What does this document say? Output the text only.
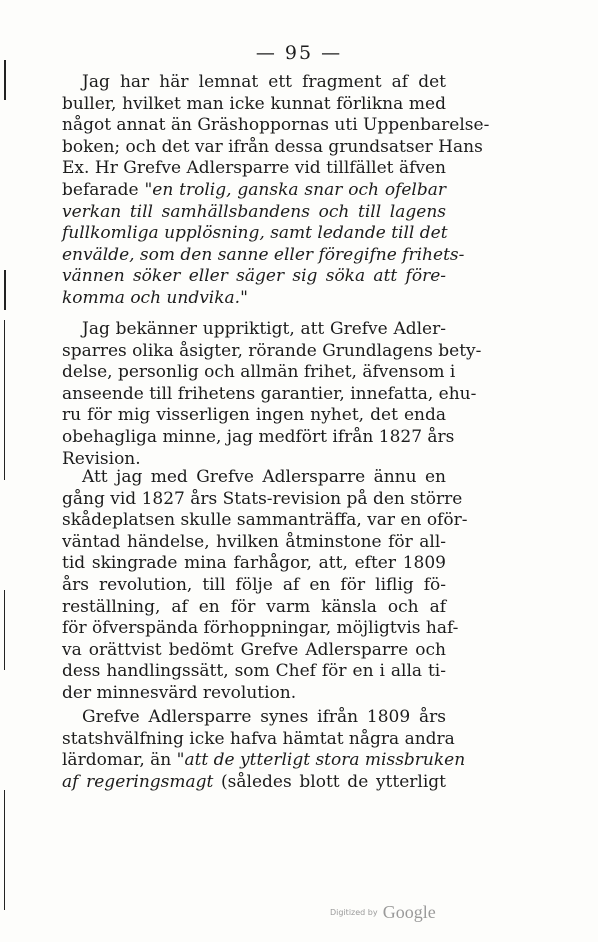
— 95 —
Jag har här lemnat ett fragment af det
buller, hvilket man icke kunnat förlikna med
något annat än Gräshoppornas uti Uppenbarelse-
boken; och det var ifrån dessa grundsatser Hans
Ex. Hr Grefve Adlersparre vid tillfället äfven
befarade "en trolig, ganska snar och ofelbar
verkan till samhällsbandens och till lagens
fullkomliga upplösning, samt ledande till det
envälde, som den sanne eller föregifne frihets-
vännen söker eller säger sig söka att före-
komma och undvika."
Jag bekänner uppriktigt, att Grefve Adler-
sparres olika åsigter, rörande Grundlagens bety-
delse, personlig och allmän frihet, äfvensom i
anseende till frihetens garantier, innefatta, ehu-
ru för mig visserligen ingen nyhet, det enda
obehagliga minne, jag medfört ifrån 1827 års
Revision.
Att jag med Grefve Adlersparre ännu en
gång vid 1827 års Stats-revision på den större
skådeplatsen skulle sammanträffa, var en oför-
väntad händelse, hvilken åtminstone för all-
tid skingrade mina farhågor, att, efter 1809
års revolution, till följe af en för lifli̇g fö-
reställning, af en för varm känsla och af
för öfverspända förhoppningar, möjligtvis haf-
va orättvist bedömt Grefve Adlersparre och
dess handlingssätt, som Chef för en i alla ti-
der minnesvärd revolution.
Grefve Adlersparre synes ifrån 1809 års
statshvälfning icke hafva hämtat några andra
lärdomar, än "att de ytterligt stora missbruken
af regeringsmagt (således blott de ytterligt
Digitized by Google
